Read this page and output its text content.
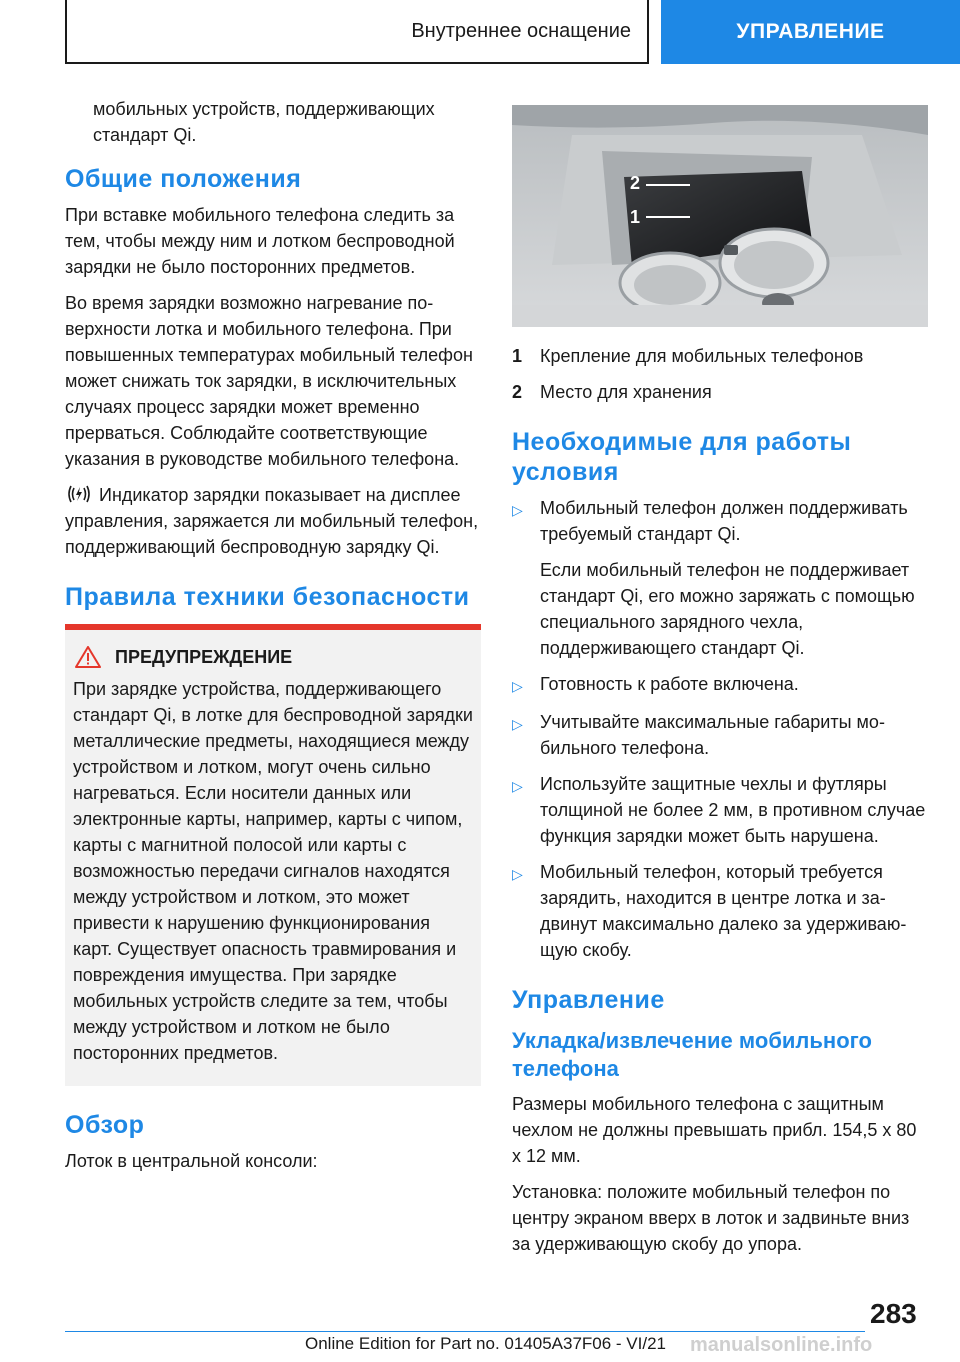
Внутреннее оснащение	УПРАВЛЕНИЕ

мобильных устройств, поддерживающих стандарт Qi.

Общие положения

При вставке мобильного телефона следить за тем, чтобы между ним и лотком беспроводной зарядки не было посторонних предметов.

Во время зарядки возможно нагревание поверхности лотка и мобильного телефона. При повышенных температурах мобильный телефон может снижать ток зарядки, в исключительных случаях процесс зарядки может временно прерваться. Соблюдайте соответствующие указания в руководстве мобильного телефона.

Индикатор зарядки показывает на дисплее управления, заряжается ли мобильный телефон, поддерживающий беспроводную зарядку Qi.

Правила техники безопасности
ПРЕДУПРЕЖДЕНИЕ

При зарядке устройства, поддерживающего стандарт Qi, в лотке для беспроводной зарядки металлические предметы, находящиеся между устройством и лотком, могут очень сильно нагреваться. Если носители данных или электронные карты, например, карты с чипом, карты с магнитной полосой или карты с возможностью передачи сигналов находятся между устройством и лотком, это может привести к нарушению функционирования карт. Существует опасность травмирования и повреждения имущества. При зарядке мобильных устройств следите за тем, чтобы между устройством и лотком не было посторонних предметов.

Обзор

Лоток в центральной консоли:

2
1
1 Крепление для мобильных телефонов
2 Место для хранения
Необходимые для работы условия
▷ Мобильный телефон должен поддерживать требуемый стандарт Qi.

Если мобильный телефон не поддерживает стандарт Qi, его можно заряжать с помощью специального зарядного чехла, поддерживающего стандарт Qi.

▷ Готовность к работе включена.
▷ Учитывайте максимальные габариты мобильного телефона.
▷ Используйте защитные чехлы и футляры толщиной не более 2 мм, в противном случае функция зарядки может быть нарушена.
▷ Мобильный телефон, который требуется зарядить, находится в центре лотка и задвинут максимально далеко за удерживающую скобу.
Управление
Укладка/извлечение мобильного телефона

Размеры мобильного телефона с защитным чехлом не должны превышать прибл. 154,5 x 80 x 12 мм.

Установка: положите мобильный телефон по центру экраном вверх в лоток и задвиньте вниз за удерживающую скобу до упора.

283
Online Edition for Part no. 01405A37F06 - VI/21 manualsonline.info
